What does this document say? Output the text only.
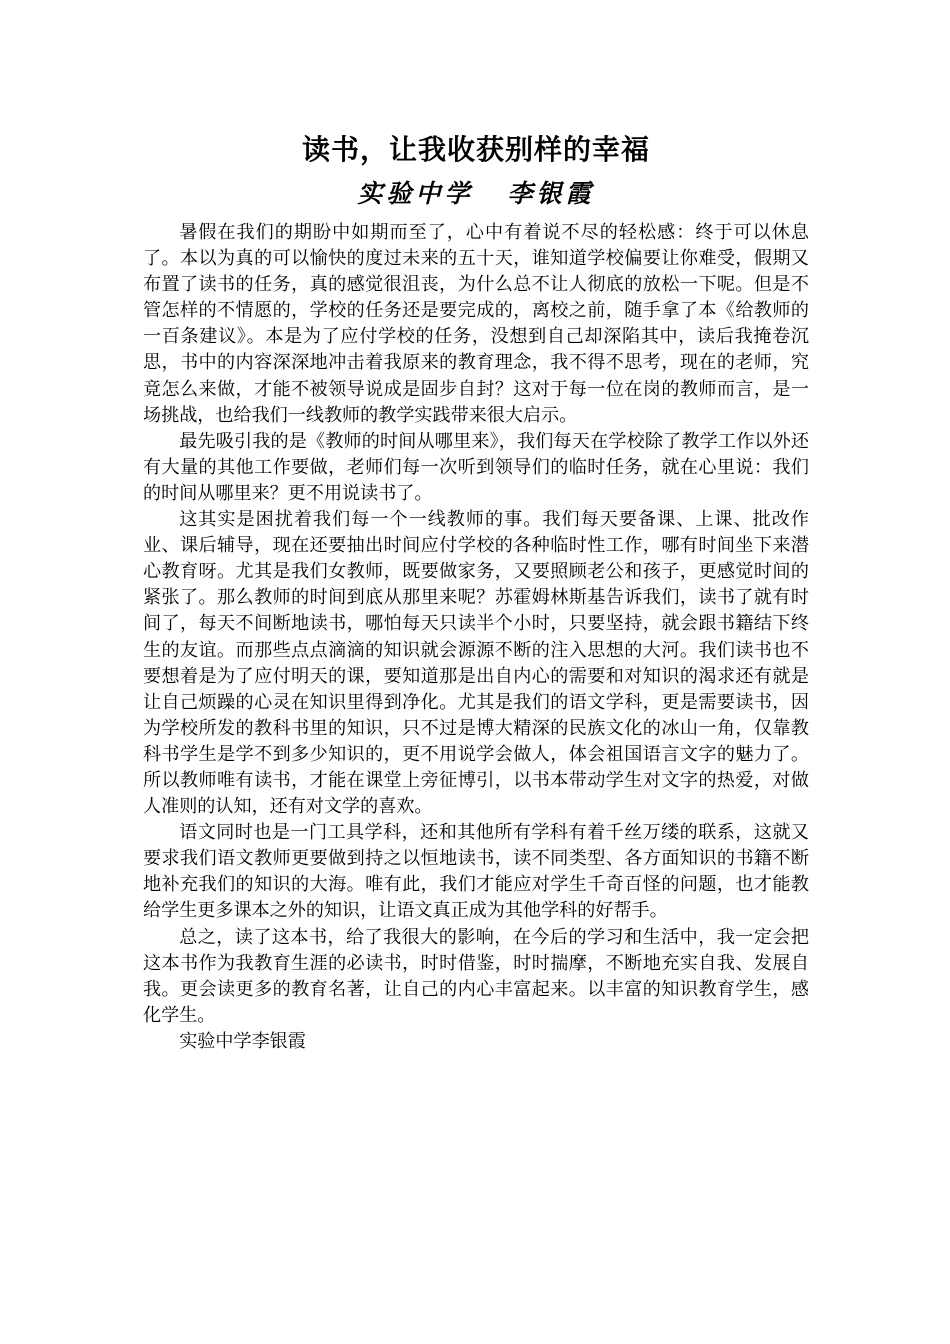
读书，让我收获别样的幸福
实验中学 李银霞

暑假在我们的期盼中如期而至了，心中有着说不尽的轻松感：终于可以休息了。本以为真的可以愉快的度过未来的五十天，谁知道学校偏要让你难受，假期又布置了读书的任务，真的感觉很沮丧，为什么总不让人彻底的放松一下呢。但是不管怎样的不情愿的，学校的任务还是要完成的，离校之前，随手拿了本《给教师的一百条建议》。本是为了应付学校的任务，没想到自己却深陷其中，读后我掩卷沉思，书中的内容深深地冲击着我原来的教育理念，我不得不思考，现在的老师，究竟怎么来做，才能不被领导说成是固步自封？这对于每一位在岗的教师而言，是一场挑战，也给我们一线教师的教学实践带来很大启示。

最先吸引我的是《教师的时间从哪里来》，我们每天在学校除了教学工作以外还有大量的其他工作要做，老师们每一次听到领导们的临时任务，就在心里说：我们的时间从哪里来？更不用说读书了。

这其实是困扰着我们每一个一线教师的事。我们每天要备课、上课、批改作业、课后辅导，现在还要抽出时间应付学校的各种临时性工作，哪有时间坐下来潜心教育呀。尤其是我们女教师，既要做家务，又要照顾老公和孩子，更感觉时间的紧张了。那么教师的时间到底从那里来呢？苏霍姆林斯基告诉我们，读书了就有时间了，每天不间断地读书，哪怕每天只读半个小时，只要坚持，就会跟书籍结下终生的友谊。而那些点点滴滴的知识就会源源不断的注入思想的大河。我们读书也不要想着是为了应付明天的课，要知道那是出自内心的需要和对知识的渴求还有就是让自己烦躁的心灵在知识里得到净化。尤其是我们的语文学科，更是需要读书，因为学校所发的教科书里的知识，只不过是博大精深的民族文化的冰山一角，仅靠教科书学生是学不到多少知识的，更不用说学会做人，体会祖国语言文字的魅力了。所以教师唯有读书，才能在课堂上旁征博引，以书本带动学生对文字的热爱，对做人准则的认知，还有对文学的喜欢。

语文同时也是一门工具学科，还和其他所有学科有着千丝万缕的联系，这就又要求我们语文教师更要做到持之以恒地读书，读不同类型、各方面知识的书籍不断地补充我们的知识的大海。唯有此，我们才能应对学生千奇百怪的问题，也才能教给学生更多课本之外的知识，让语文真正成为其他学科的好帮手。

总之，读了这本书，给了我很大的影响，在今后的学习和生活中，我一定会把这本书作为我教育生涯的必读书，时时借鉴，时时揣摩，不断地充实自我、发展自我。更会读更多的教育名著，让自己的内心丰富起来。以丰富的知识教育学生，感化学生。

实验中学李银霞
